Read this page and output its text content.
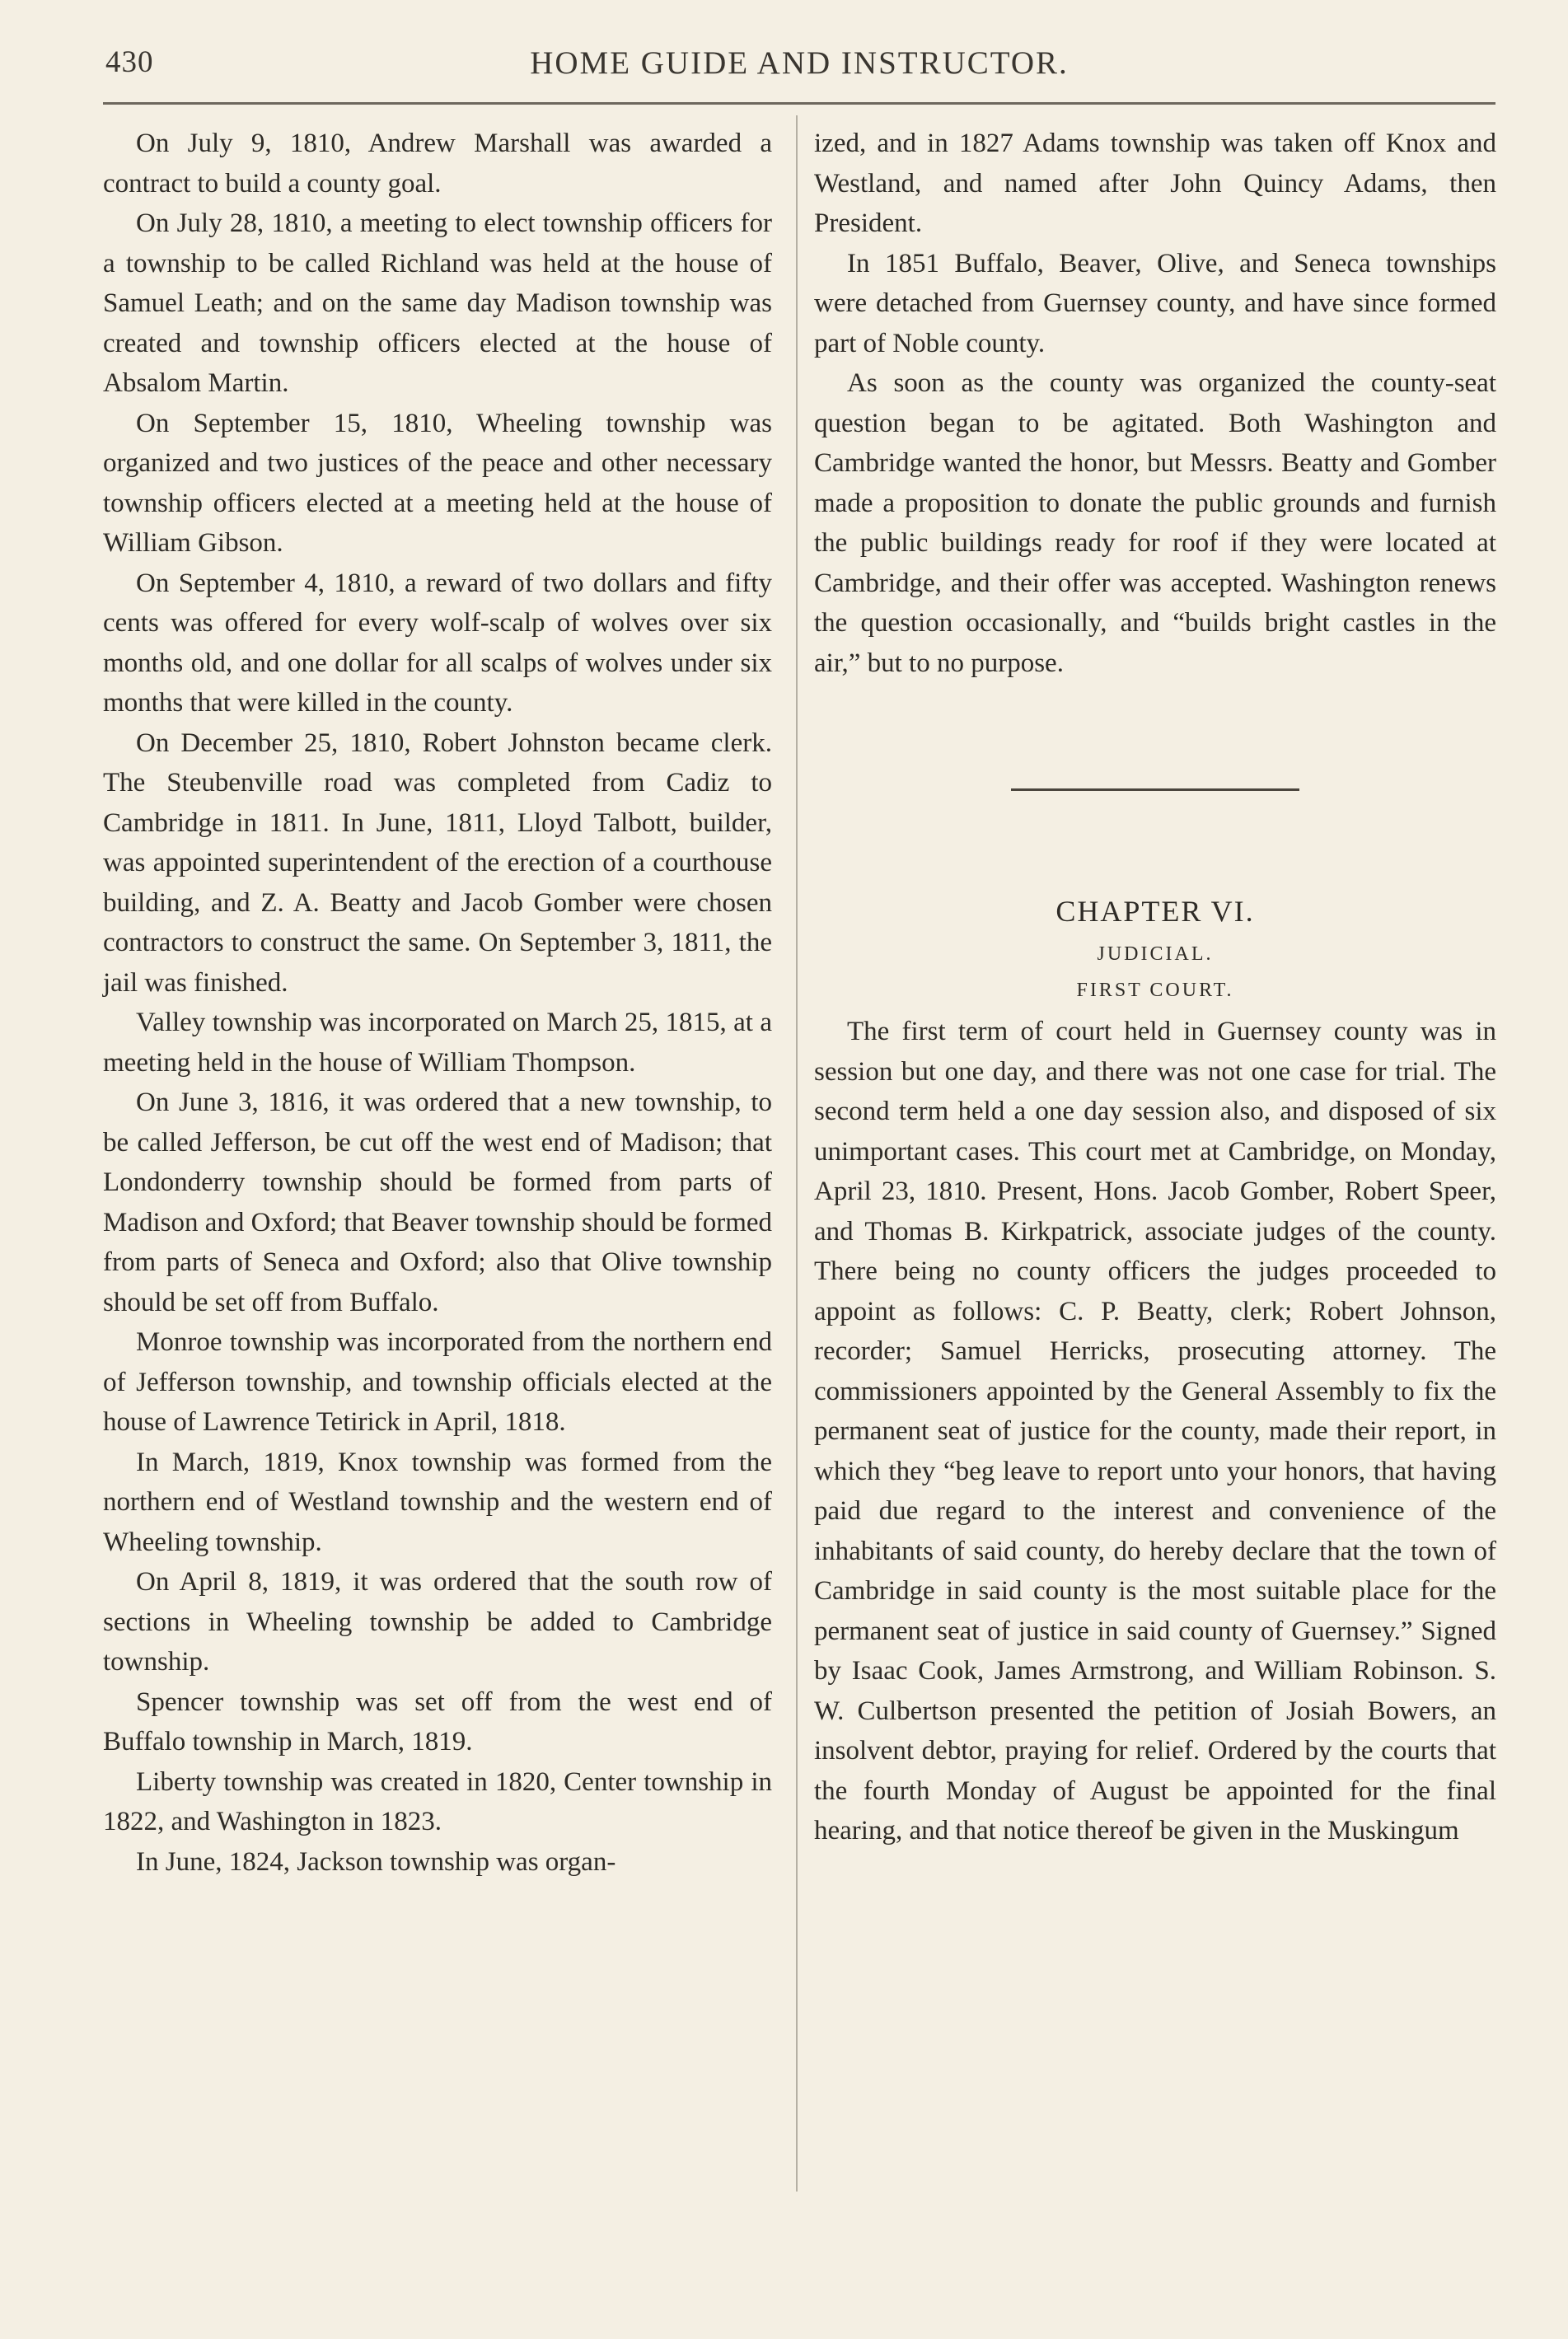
430	HOME GUIDE AND INSTRUCTOR.

On July 9, 1810, Andrew Marshall was awarded a contract to build a county goal.

On July 28, 1810, a meeting to elect township officers for a township to be called Richland was held at the house of Samuel Leath; and on the same day Madison township was created and township officers elected at the house of Absalom Martin.

On September 15, 1810, Wheeling township was organized and two justices of the peace and other necessary township officers elected at a meeting held at the house of William Gibson.

On September 4, 1810, a reward of two dollars and fifty cents was offered for every wolf-scalp of wolves over six months old, and one dollar for all scalps of wolves under six months that were killed in the county.

On December 25, 1810, Robert Johnston became clerk. The Steubenville road was completed from Cadiz to Cambridge in 1811. In June, 1811, Lloyd Talbott, builder, was appointed superintendent of the erection of a courthouse building, and Z. A. Beatty and Jacob Gomber were chosen contractors to construct the same. On September 3, 1811, the jail was finished.

Valley township was incorporated on March 25, 1815, at a meeting held in the house of William Thompson.

On June 3, 1816, it was ordered that a new township, to be called Jefferson, be cut off the west end of Madison; that Londonderry township should be formed from parts of Madison and Oxford; that Beaver township should be formed from parts of Seneca and Oxford; also that Olive township should be set off from Buffalo.

Monroe township was incorporated from the northern end of Jefferson township, and township officials elected at the house of Lawrence Tetirick in April, 1818.

In March, 1819, Knox township was formed from the northern end of Westland township and the western end of Wheeling township.

On April 8, 1819, it was ordered that the south row of sections in Wheeling township be added to Cambridge township.

Spencer township was set off from the west end of Buffalo township in March, 1819.

Liberty township was created in 1820, Center township in 1822, and Washington in 1823.

In June, 1824, Jackson township was organ-

ized, and in 1827 Adams township was taken off Knox and Westland, and named after John Quincy Adams, then President.

In 1851 Buffalo, Beaver, Olive, and Seneca townships were detached from Guernsey county, and have since formed part of Noble county.

As soon as the county was organized the county-seat question began to be agitated. Both Washington and Cambridge wanted the honor, but Messrs. Beatty and Gomber made a proposition to donate the public grounds and furnish the public buildings ready for roof if they were located at Cambridge, and their offer was accepted. Washington renews the question occasionally, and “builds bright castles in the air,” but to no purpose.

CHAPTER VI.
JUDICIAL.
FIRST COURT.

The first term of court held in Guernsey county was in session but one day, and there was not one case for trial. The second term held a one day session also, and disposed of six unimportant cases. This court met at Cambridge, on Monday, April 23, 1810. Present, Hons. Jacob Gomber, Robert Speer, and Thomas B. Kirkpatrick, associate judges of the county. There being no county officers the judges proceeded to appoint as follows: C. P. Beatty, clerk; Robert Johnson, recorder; Samuel Herricks, prosecuting attorney. The commissioners appointed by the General Assembly to fix the permanent seat of justice for the county, made their report, in which they “beg leave to report unto your honors, that having paid due regard to the interest and convenience of the inhabitants of said county, do hereby declare that the town of Cambridge in said county is the most suitable place for the permanent seat of justice in said county of Guernsey.” Signed by Isaac Cook, James Armstrong, and William Robinson. S. W. Culbertson presented the petition of Josiah Bowers, an insolvent debtor, praying for relief. Ordered by the courts that the fourth Monday of August be appointed for the final hearing, and that notice thereof be given in the Muskingum
